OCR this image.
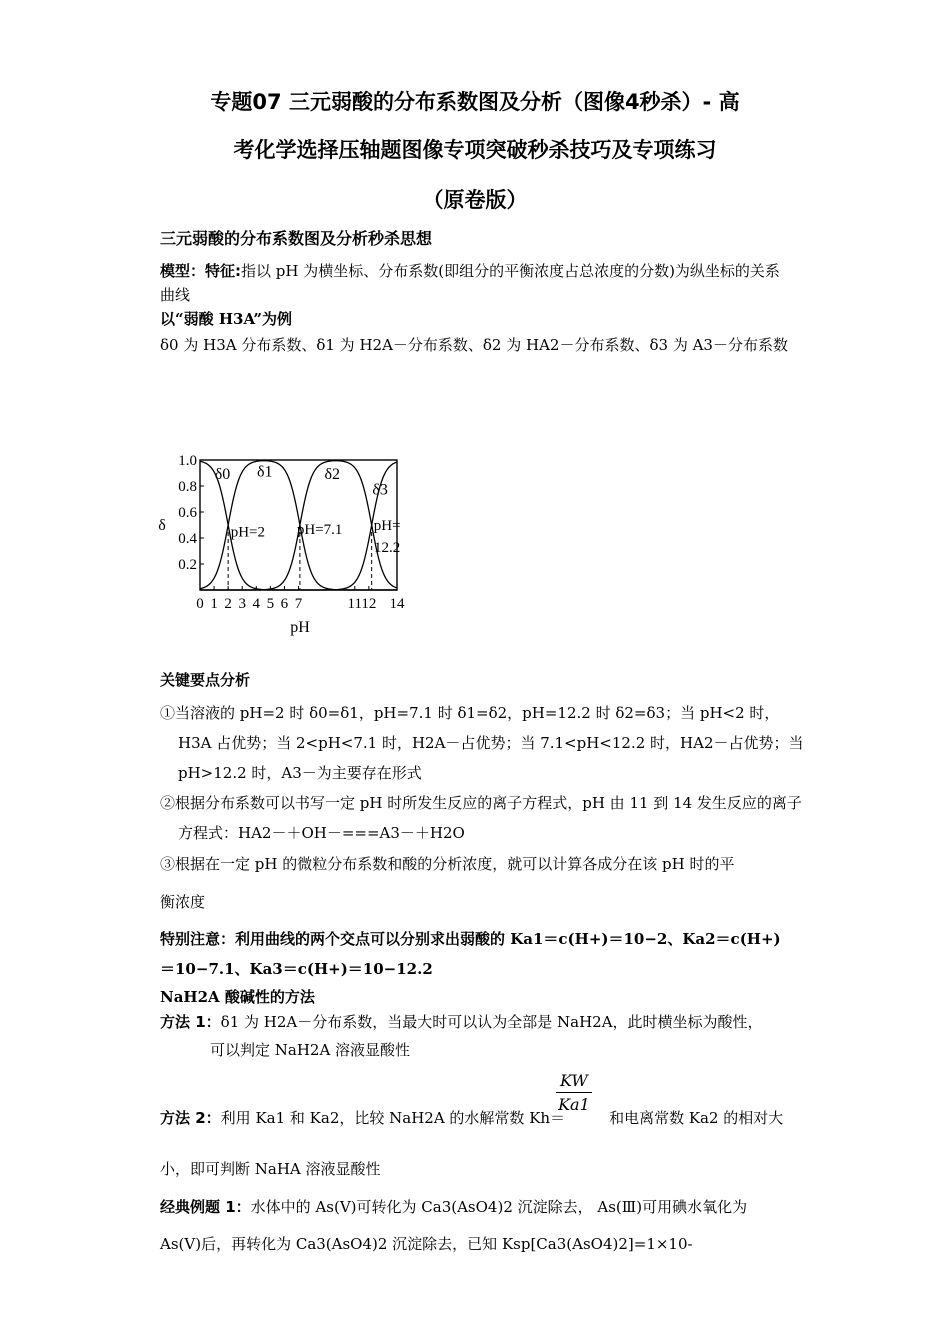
专题07 三元弱酸的分布系数图及分析（图像4秒杀）- 高
考化学选择压轴题图像专项突破秒杀技巧及专项练习
（原卷版）
三元弱酸的分布系数图及分析秒杀思想
模型：特征:指以 pH 为横坐标、分布系数(即组分的平衡浓度占总浓度的分数)为纵坐标的关系曲线
以“弱酸 H3A”为例
δ0 为 H3A 分布系数、δ1 为 H2A－分布系数、δ2 为 HA2－分布系数、δ3 为 A3－分布系数
1.0
0.8
0.6
0.4
0.2
0 1 2 3 4 5 6 7	11 12 14
δ
pH
δ0 δ1	δ2
δ3
pH=2 pH=7.1 pH=
12.2
关键要点分析
①当溶液的 pH=2 时 δ0=δ1，pH=7.1 时 δ1=δ2，pH=12.2 时 δ2=δ3；当 pH<2 时，H3A 占优势；当 2<pH<7.1 时，H2A－占优势；当 7.1<pH<12.2 时，HA2－占优势；当 pH>12.2 时，A3－为主要存在形式
②根据分布系数可以书写一定 pH 时所发生反应的离子方程式，pH 由 11 到 14 发生反应的离子方程式：HA2－＋OH－===A3－＋H2O
③根据在一定 pH 的微粒分布系数和酸的分析浓度，就可以计算各成分在该 pH 时的平
衡浓度
特别注意：利用曲线的两个交点可以分别求出弱酸的 Ka1＝c(H+)＝10−2、Ka2＝c(H+)＝10−7.1、Ka3＝c(H+)＝10−12.2
NaH2A 酸碱性的方法
方法 1：δ1 为 H2A－分布系数，当最大时可以认为全部是 NaH2A，此时横坐标为酸性，
可以判定 NaH2A 溶液显酸性
$\frac{KW}{Ka1}$
方法 2：利用 Ka1 和 Ka2，比较 NaH2A 的水解常数 Kh＝	和电离常数 Ka2 的相对大
小，即可判断 NaHA 溶液显酸性
经典例题 1：水体中的 As(V)可转化为 Ca3(AsO4)2 沉淀除去， As(Ⅲ)可用碘水氧化为
As(V)后，再转化为 Ca3(AsO4)2 沉淀除去，已知 Ksp[Ca3(AsO4)2]=1×10-
